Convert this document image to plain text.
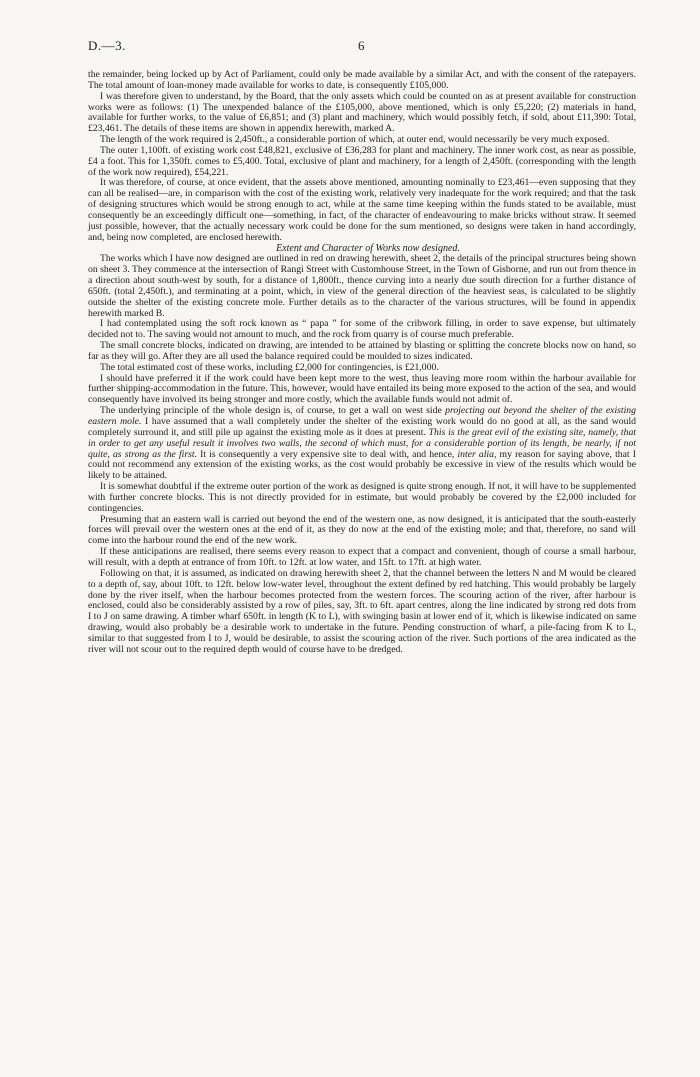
D.—3.	6

the remainder, being locked up by Act of Parliament, could only be made available by a similar Act, and with the consent of the ratepayers. The total amount of loan-money made available for works to date, is consequently £105,000.

I was therefore given to understand, by the Board, that the only assets which could be counted on as at present available for construction works were as follows: (1) The unexpended balance of the £105,000, above mentioned, which is only £5,220; (2) materials in hand, available for further works, to the value of £6,851; and (3) plant and machinery, which would possibly fetch, if sold, about £11,390: Total, £23,461. The details of these items are shown in appendix herewith, marked A.

The length of the work required is 2,450ft., a considerable portion of which, at outer end, would necessarily be very much exposed.

The outer 1,100ft. of existing work cost £48,821, exclusive of £36,283 for plant and machinery. The inner work cost, as near as possible, £4 a foot. This for 1,350ft. comes to £5,400. Total, exclusive of plant and machinery, for a length of 2,450ft. (corresponding with the length of the work now required), £54,221.

It was therefore, of course, at once evident, that the assets above mentioned, amounting nominally to £23,461—even supposing that they can all be realised—are, in comparison with the cost of the existing work, relatively very inadequate for the work required; and that the task of designing structures which would be strong enough to act, while at the same time keeping within the funds stated to be available, must consequently be an exceedingly difficult one—something, in fact, of the character of endeavouring to make bricks without straw. It seemed just possible, however, that the actually necessary work could be done for the sum mentioned, so designs were taken in hand accordingly, and, being now completed, are enclosed herewith.

Extent and Character of Works now designed.

The works which I have now designed are outlined in red on drawing herewith, sheet 2, the details of the principal structures being shown on sheet 3. They commence at the intersection of Rangi Street with Customhouse Street, in the Town of Gisborne, and run out from thence in a direction about south-west by south, for a distance of 1,800ft., thence curving into a nearly due south direction for a further distance of 650ft. (total 2,450ft.), and terminating at a point, which, in view of the general direction of the heaviest seas, is calculated to be slightly outside the shelter of the existing concrete mole. Further details as to the character of the various structures, will be found in appendix herewith marked B.

I had contemplated using the soft rock known as “ papa ” for some of the cribwork filling, in order to save expense, but ultimately decided not to. The saving would not amount to much, and the rock from quarry is of course much preferable.

The small concrete blocks, indicated on drawing, are intended to be attained by blasting or splitting the concrete blocks now on hand, so far as they will go. After they are all used the balance required could be moulded to sizes indicated.

The total estimated cost of these works, including £2,000 for contingencies, is £21,000.

I should have preferred it if the work could have been kept more to the west, thus leaving more room within the harbour available for further shipping-accommodation in the future. This, however, would have entailed its being more exposed to the action of the sea, and would consequently have involved its being stronger and more costly, which the available funds would not admit of.

The underlying principle of the whole design is, of course, to get a wall on west side projecting out beyond the shelter of the existing eastern mole. I have assumed that a wall completely under the shelter of the existing work would do no good at all, as the sand would completely surround it, and still pile up against the existing mole as it does at present. This is the great evil of the existing site, namely, that in order to get any useful result it involves two walls, the second of which must, for a considerable portion of its length, be nearly, if not quite, as strong as the first. It is consequently a very expensive site to deal with, and hence, inter alia, my reason for saying above, that I could not recommend any extension of the existing works, as the cost would probably be excessive in view of the results which would be likely to be attained.

It is somewhat doubtful if the extreme outer portion of the work as designed is quite strong enough. If not, it will have to be supplemented with further concrete blocks. This is not directly provided for in estimate, but would probably be covered by the £2,000 included for contingencies.

Presuming that an eastern wall is carried out beyond the end of the western one, as now designed, it is anticipated that the south-easterly forces will prevail over the western ones at the end of it, as they do now at the end of the existing mole; and that, therefore, no sand will come into the harbour round the end of the new work.

If these anticipations are realised, there seems every reason to expect that a compact and convenient, though of course a small harbour, will result, with a depth at entrance of from 10ft. to 12ft. at low water, and 15ft. to 17ft. at high water.

Following on that, it is assumed, as indicated on drawing herewith sheet 2, that the channel between the letters N and M would be cleared to a depth of, say, about 10ft. to 12ft. below low-water level, throughout the extent defined by red hatching. This would probably be largely done by the river itself, when the harbour becomes protected from the western forces. The scouring action of the river, after harbour is enclosed, could also be considerably assisted by a row of piles, say, 3ft. to 6ft. apart centres, along the line indicated by strong red dots from I to J on same drawing. A timber wharf 650ft. in length (K to L), with swinging basin at lower end of it, which is likewise indicated on same drawing, would also probably be a desirable work to undertake in the future. Pending construction of wharf, a pile-facing from K to L, similar to that suggested from I to J, would be desirable, to assist the scouring action of the river. Such portions of the area indicated as the river will not scour out to the required depth would of course have to be dredged.
